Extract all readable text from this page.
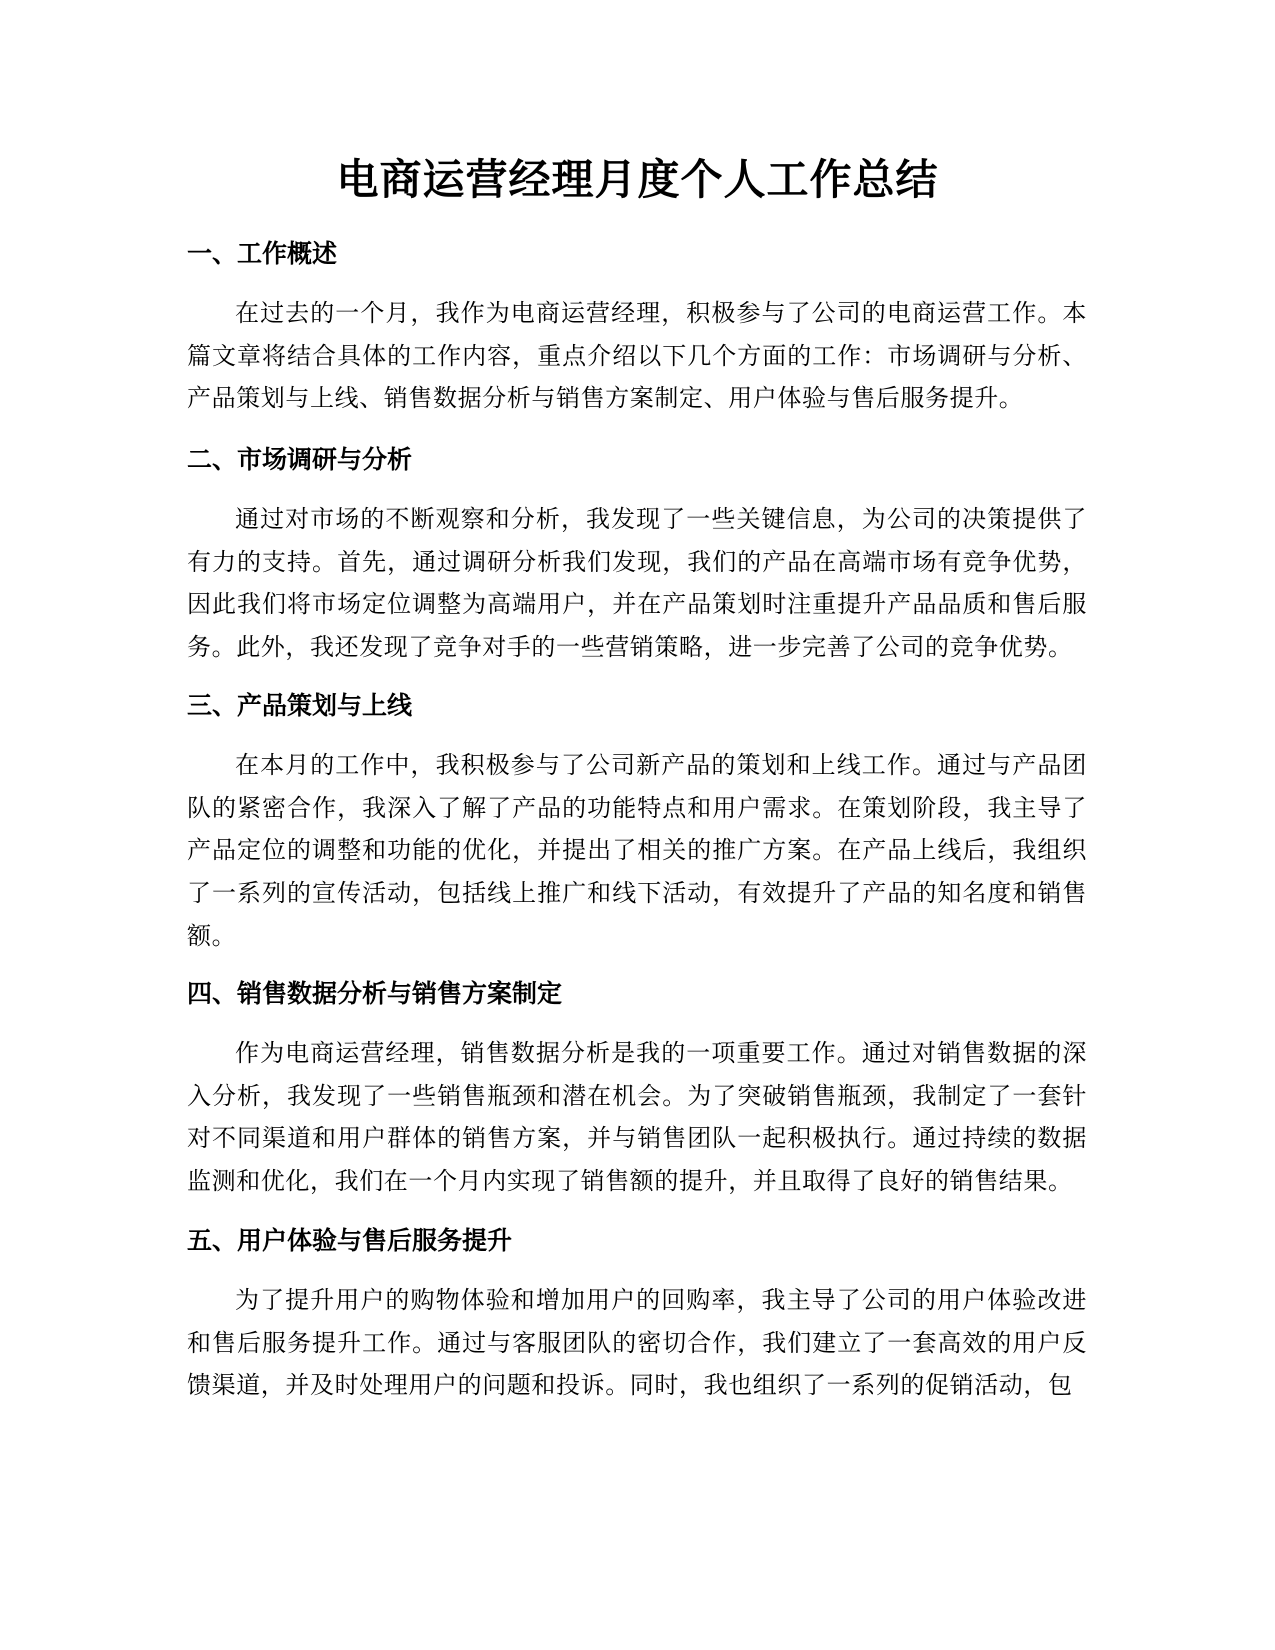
电商运营经理月度个人工作总结
一、工作概述

在过去的一个月，我作为电商运营经理，积极参与了公司的电商运营工作。本篇文章将结合具体的工作内容，重点介绍以下几个方面的工作：市场调研与分析、产品策划与上线、销售数据分析与销售方案制定、用户体验与售后服务提升。

二、市场调研与分析

通过对市场的不断观察和分析，我发现了一些关键信息，为公司的决策提供了有力的支持。首先，通过调研分析我们发现，我们的产品在高端市场有竞争优势，因此我们将市场定位调整为高端用户，并在产品策划时注重提升产品品质和售后服务。此外，我还发现了竞争对手的一些营销策略，进一步完善了公司的竞争优势。

三、产品策划与上线

在本月的工作中，我积极参与了公司新产品的策划和上线工作。通过与产品团队的紧密合作，我深入了解了产品的功能特点和用户需求。在策划阶段，我主导了产品定位的调整和功能的优化，并提出了相关的推广方案。在产品上线后，我组织了一系列的宣传活动，包括线上推广和线下活动，有效提升了产品的知名度和销售额。

四、销售数据分析与销售方案制定

作为电商运营经理，销售数据分析是我的一项重要工作。通过对销售数据的深入分析，我发现了一些销售瓶颈和潜在机会。为了突破销售瓶颈，我制定了一套针对不同渠道和用户群体的销售方案，并与销售团队一起积极执行。通过持续的数据监测和优化，我们在一个月内实现了销售额的提升，并且取得了良好的销售结果。

五、用户体验与售后服务提升

为了提升用户的购物体验和增加用户的回购率，我主导了公司的用户体验改进和售后服务提升工作。通过与客服团队的密切合作，我们建立了一套高效的用户反馈渠道，并及时处理用户的问题和投诉。同时，我也组织了一系列的促销活动，包
